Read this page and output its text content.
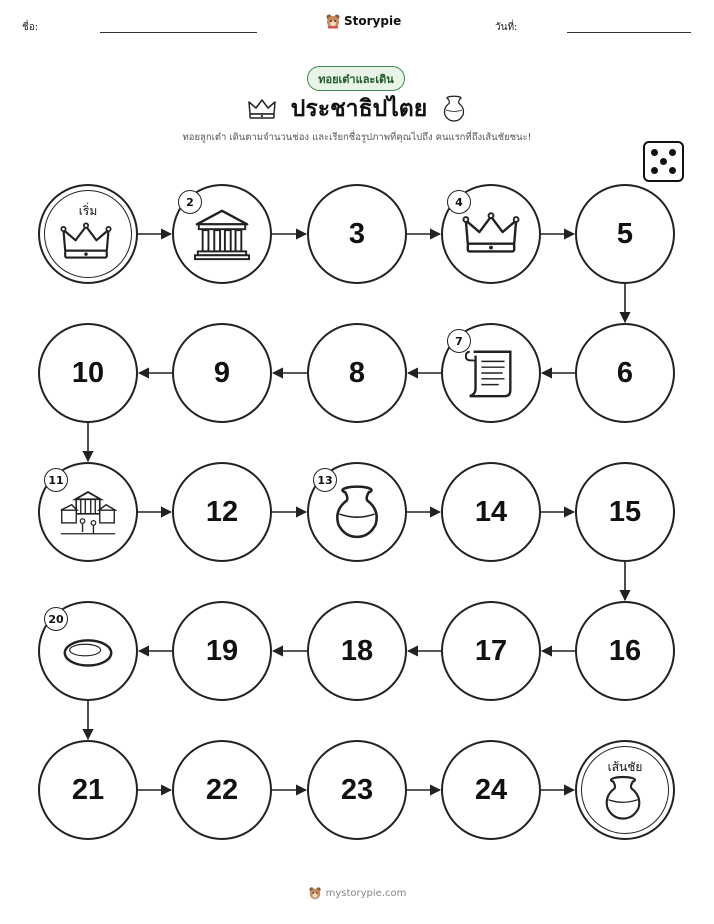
ชื่อ:	Storypie	วันที่:
ทอยเต๋าและเดิน
ประชาธิปไตย
ทอยลูกเต๋า เดินตามจำนวนช่อง และเรียกชื่อรูปภาพที่คุณไปถึง คนแรกที่ถึงเส้นชัยชนะ!
เริ่ม
2
3
4
5
6
7
8
9
10
11
12
13
14	15
16
17
18
19
20
21	22	23	24
เส้นชัย
mystorypie.com
